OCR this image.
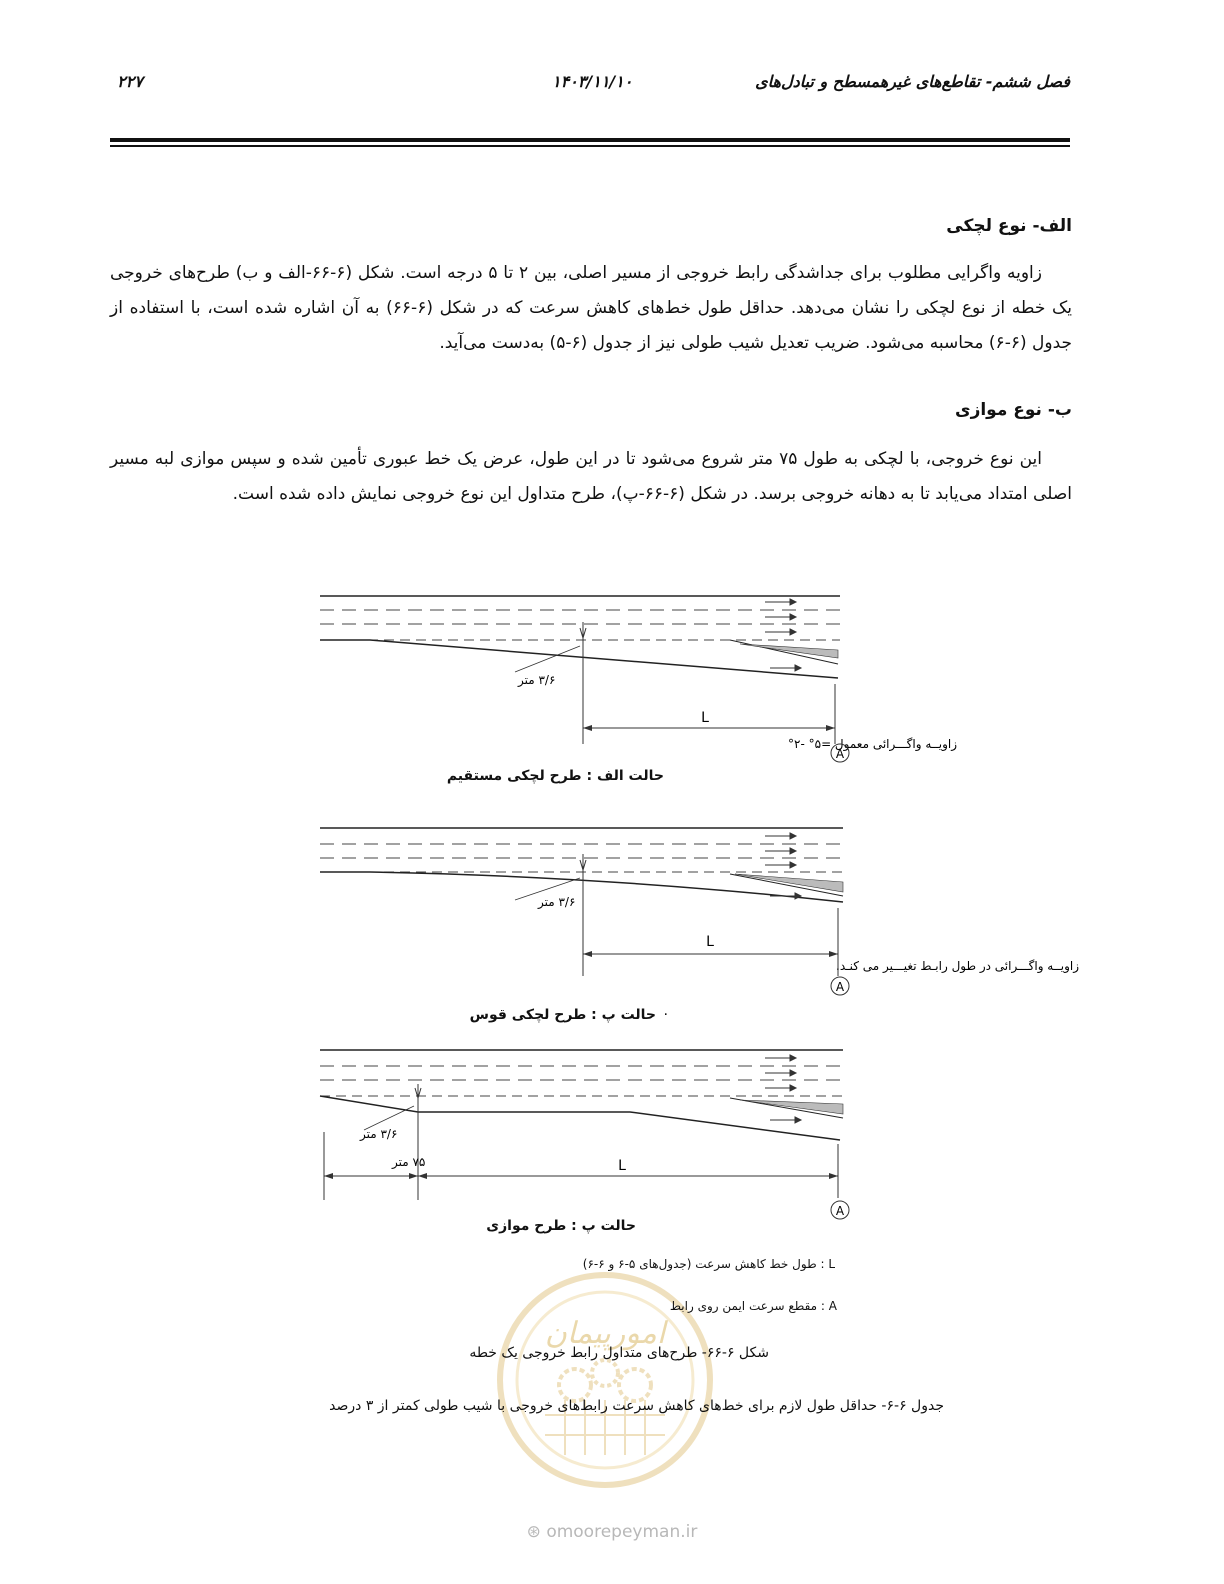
۲۲۷	۱۴۰۳/۱۱/۱۰	فصل ششم- تقاطع‌های غیرهمسطح و تبادل‌های
الف- نوع لچکی
زاویه واگرایی مطلوب برای جداشدگی رابط خروجی از مسیر اصلی، بین ۲ تا ۵ درجه است. شکل (۶-۶۶-الف و ب) طرح‌های خروجی یک خطه از نوع لچکی را نشان می‌دهد. حداقل طول خط‌های کاهش سرعت که در شکل (۶-۶۶) به آن اشاره شده است، با استفاده از جدول (۶-۶) محاسبه می‌شود. ضریب تعدیل شیب طولی نیز از جدول (۶-۵) به‌دست می‌آید.
ب- نوع موازی
این نوع خروجی، با لچکی به طول ۷۵ متر شروع می‌شود تا در این طول، عرض یک خط عبوری تأمین شده و سپس موازی لبه مسیر اصلی امتداد می‌یابد تا به دهانه خروجی برسد. در شکل (۶-۶۶-پ)، طرح متداول این نوع خروجی نمایش داده شده است.
۳/۶ متر
L
زاویــه واگـــرائی معمول =۵° -۲°
A
حالت الف : طرح لچکی مستقیم
۳/۶ متر
L
زاویــه واگـــرائی در طول رابـط تغیـــیر می کنـد.
A
حالت پ : طرح لچکی قوس ٠
۳/۶ متر
۷۵ متر	L
A
حالت پ : طرح موازی
امورپیمان
L : طول خط کاهش سرعت (جدول‌های ۵-۶ و ۶-۶)
A : مقطع سرعت ایمن روی رابط
شکل ۶-۶۶- طرح‌های متداول رابط خروجی یک خطه
جدول ۶-۶- حداقل طول لازم برای خط‌های کاهش سرعت رابط‌های خروجی با شیب طولی کمتر از ۳ درصد
⊛ omoorepeyman.ir
